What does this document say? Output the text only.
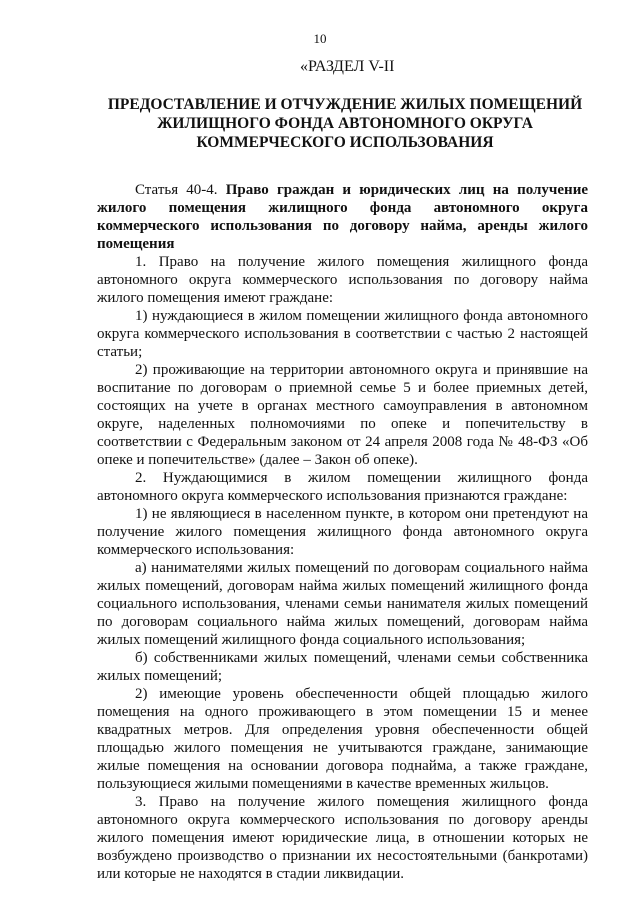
10
«РАЗДЕЛ V-II
ПРЕДОСТАВЛЕНИЕ И ОТЧУЖДЕНИЕ ЖИЛЫХ ПОМЕЩЕНИЙ ЖИЛИЩНОГО ФОНДА АВТОНОМНОГО ОКРУГА КОММЕРЧЕСКОГО ИСПОЛЬЗОВАНИЯ

Статья 40-4. Право граждан и юридических лиц на получение жилого помещения жилищного фонда автономного округа коммерческого использования по договору найма, аренды жилого помещения

1. Право на получение жилого помещения жилищного фонда автономного округа коммерческого использования по договору найма жилого помещения имеют граждане:

1) нуждающиеся в жилом помещении жилищного фонда автономного округа коммерческого использования в соответствии с частью 2 настоящей статьи;

2) проживающие на территории автономного округа и принявшие на воспитание по договорам о приемной семье 5 и более приемных детей, состоящих на учете в органах местного самоуправления в автономном округе, наделенных полномочиями по опеке и попечительству в соответствии с Федеральным законом от 24 апреля 2008 года № 48-ФЗ «Об опеке и попечительстве» (далее – Закон об опеке).

2. Нуждающимися в жилом помещении жилищного фонда автономного округа коммерческого использования признаются граждане:

1) не являющиеся в населенном пункте, в котором они претендуют на получение жилого помещения жилищного фонда автономного округа коммерческого использования:

а) нанимателями жилых помещений по договорам социального найма жилых помещений, договорам найма жилых помещений жилищного фонда социального использования, членами семьи нанимателя жилых помещений по договорам социального найма жилых помещений, договорам найма жилых помещений жилищного фонда социального использования;

б) собственниками жилых помещений, членами семьи собственника жилых помещений;

2) имеющие уровень обеспеченности общей площадью жилого помещения на одного проживающего в этом помещении 15 и менее квадратных метров. Для определения уровня обеспеченности общей площадью жилого помещения не учитываются граждане, занимающие жилые помещения на основании договора поднайма, а также граждане, пользующиеся жилыми помещениями в качестве временных жильцов.

3. Право на получение жилого помещения жилищного фонда автономного округа коммерческого использования по договору аренды жилого помещения имеют юридические лица, в отношении которых не возбуждено производство о признании их несостоятельными (банкротами) или которые не находятся в стадии ликвидации.
